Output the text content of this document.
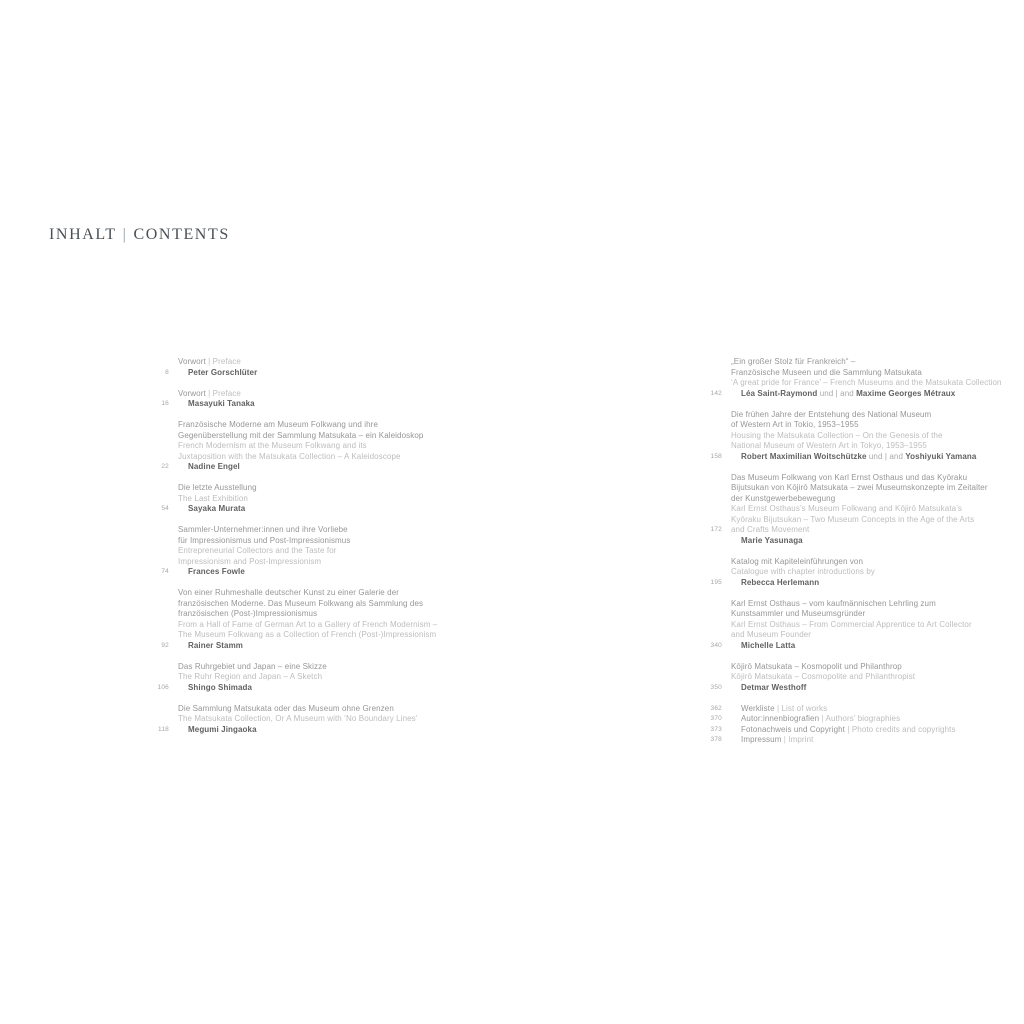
INHALT | CONTENTS
8
Vorwort | Preface
Peter Gorschlüter
16
Vorwort | Preface
Masayuki Tanaka
22
Französische Moderne am Museum Folkwang und ihre
Gegenüberstellung mit der Sammlung Matsukata – ein Kaleidoskop
French Modernism at the Museum Folkwang and its
Juxtaposition with the Matsukata Collection – A Kaleidoscope
Nadine Engel
54
Die letzte Ausstellung
The Last Exhibition
Sayaka Murata
74
Sammler-Unternehmer:innen und ihre Vorliebe
für Impressionismus und Post-Impressionismus
Entrepreneurial Collectors and the Taste for
Impressionism and Post-Impressionism
Frances Fowle
92
Von einer Ruhmeshalle deutscher Kunst zu einer Galerie der
französischen Moderne. Das Museum Folkwang als Sammlung des
französischen (Post-)Impressionismus
From a Hall of Fame of German Art to a Gallery of French Modernism –
The Museum Folkwang as a Collection of French (Post-)Impressionism
Rainer Stamm
106
Das Ruhrgebiet und Japan – eine Skizze
The Ruhr Region and Japan – A Sketch
Shingo Shimada
118
Die Sammlung Matsukata oder das Museum ohne Grenzen
The Matsukata Collection, Or A Museum with ‘No Boundary Lines’
Megumi Jingaoka
142
„Ein großer Stolz für Frankreich“ –
Französische Museen und die Sammlung Matsukata
‘A great pride for France’ – French Museums and the Matsukata Collection
Léa Saint-Raymond und | and Maxime Georges Métraux
158
Die frühen Jahre der Entstehung des National Museum
of Western Art in Tokio, 1953–1955
Housing the Matsukata Collection – On the Genesis of the
National Museum of Western Art in Tokyo, 1953–1955
Robert Maximilian Woitschützke und | and Yoshiyuki Yamana
172
Das Museum Folkwang von Karl Ernst Osthaus und das Kyōraku
Bijutsukan von Kōjirō Matsukata – zwei Museumskonzepte im Zeitalter
der Kunstgewerbebewegung
Karl Ernst Osthaus’s Museum Folkwang and Kōjirō Matsukata’s
Kyōraku Bijutsukan – Two Museum Concepts in the Age of the Arts
and Crafts Movement
Marie Yasunaga
195
Katalog mit Kapiteleinführungen von
Catalogue with chapter introductions by
Rebecca Herlemann
340
Karl Ernst Osthaus – vom kaufmännischen Lehrling zum
Kunstsammler und Museumsgründer
Karl Ernst Osthaus – From Commercial Apprentice to Art Collector
and Museum Founder
Michelle Latta
350
Kōjirō Matsukata – Kosmopolit und Philanthrop
Kōjirō Matsukata – Cosmopolite and Philanthropist
Detmar Westhoff
362 Werkliste | List of works
370 Autor:innenbiografien | Authors’ biographies
373 Fotonachweis und Copyright | Photo credits and copyrights
378 Impressum | Imprint
